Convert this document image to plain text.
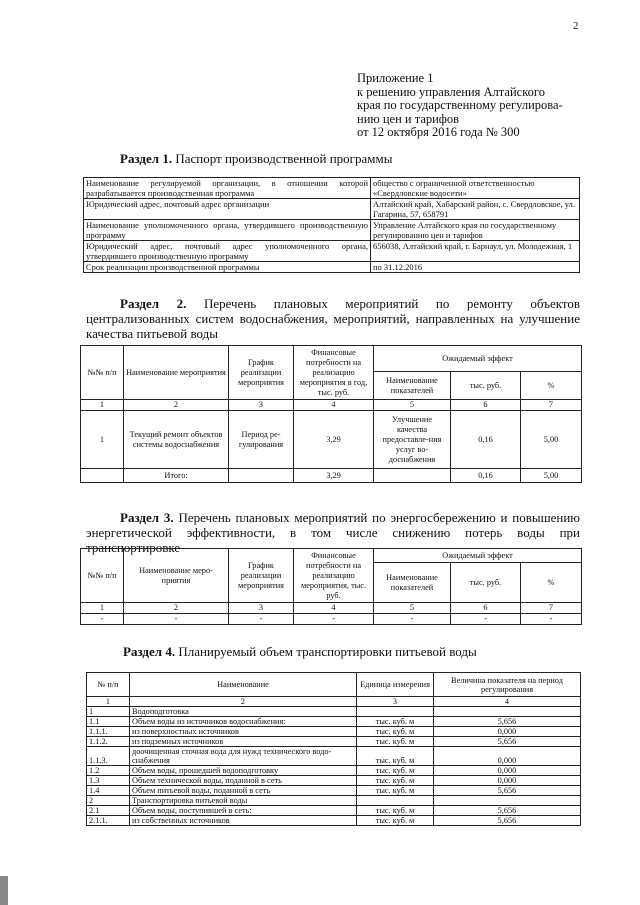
2
Приложение 1
к решению управления Алтайского
края по государственному регулирова-
нию цен и тарифов
от 12 октября 2016 года № 300
Раздел 1. Паспорт производственной программы
Наименование регулируемой организации, в отношении которой разрабатывается производственная программа	общество с ограниченной ответственностью «Свердловские водосети»
Юридический адрес, почтовый адрес организации	Алтайский край, Хабарский район, с. Свердловское, ул. Гагарина, 57, 658791
Наименование уполномоченного органа, утвердившего производственную программу	Управление Алтайского края по государственному регулированию цен и тарифов
Юридический адрес, почтовый адрес уполномоченного органа, утвердившего производственную программу	656038, Алтайский край, г. Барнаул, ул. Молодежная, 1
Срок реализации производственной программы	по 31.12.2016
Раздел 2. Перечень плановых мероприятий по ремонту объектов централизованных систем водоснабжения, мероприятий, направленных на улучшение качества питьевой воды
№№ п/п	Наименование мероприятия	График реализации мероприятия	Финансовые потребности на реализацию мероприятия в год, тыс. руб.	Ожидаемый эффект		
				Наименование показателей	тыс. руб.	%
1	2	3	4	5	6	7
1	Текущий ремонт объектов системы водоснабжения	Период ре-гулирования	3,29	Улучшение качества предоставле-ния услуг во-доснабжения	0,16	5,00
	Итого:		3,29		0,16	5,00
Раздел 3. Перечень плановых мероприятий по энергосбережению и повышению энергетической эффективности, в том числе снижению потерь воды при транспортировке
№№ п/п	Наименование меро-приятия	График реализации мероприятия	Финансовые потребности на реализацию мероприятия, тыс. руб.	Ожидаемый эффект		
				Наименование показателей	тыс. руб.	%
1	2	3	4	5	6	7
-	-	-	-	-	-	-
Раздел 4. Планируемый объем транспортировки питьевой воды
№ п/п	Наименование	Единица измерения	Величина показателя на период регулирования
1	2	3	4
1	Водоподготовка		
1.1	Объем воды из источников водоснабжения:	тыс. куб. м	5,656
1.1.1.	из поверхностных источников	тыс. куб. м	0,000
1.1.2.	из подземных источников	тыс. куб. м	5,656
1.1.3.	доочищенная сточная вода для нужд технического водо-снабжения	тыс. куб. м	0,000
1.2	Объем воды, прошедшей водоподготовку	тыс. куб. м	0,000
1.3	Объем технической воды, поданной в сеть	тыс. куб. м	0,000
1.4	Объем питьевой воды, поданной в сеть	тыс. куб. м	5,656
2	Транспортировка питьевой воды		
2.1	Объем воды, поступившей в сеть:	тыс. куб. м	5,656
2.1.1.	из собственных источников	тыс. куб. м	5,656
